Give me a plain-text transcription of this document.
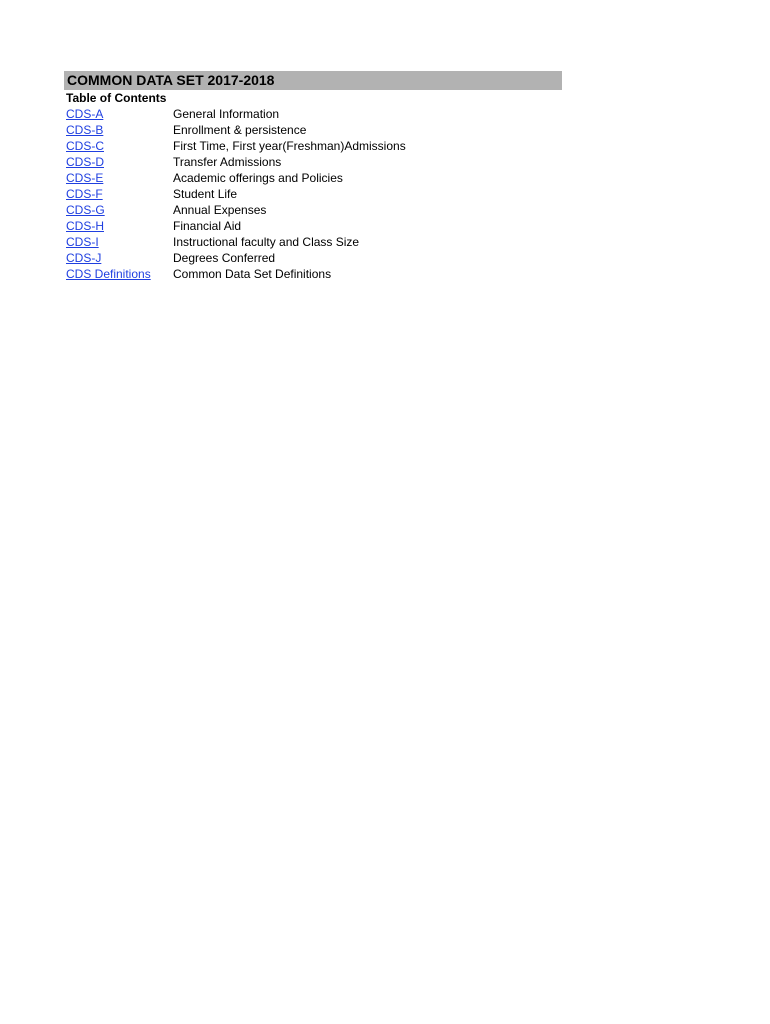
COMMON DATA SET 2017-2018
Table of Contents
CDS-A	General Information
CDS-B	Enrollment & persistence
CDS-C	First Time, First year(Freshman)Admissions
CDS-D	Transfer Admissions
CDS-E	Academic offerings and Policies
CDS-F	Student Life
CDS-G	Annual Expenses
CDS-H	Financial Aid
CDS-I	Instructional faculty and Class Size
CDS-J	Degrees Conferred
CDS Definitions	Common Data Set Definitions
